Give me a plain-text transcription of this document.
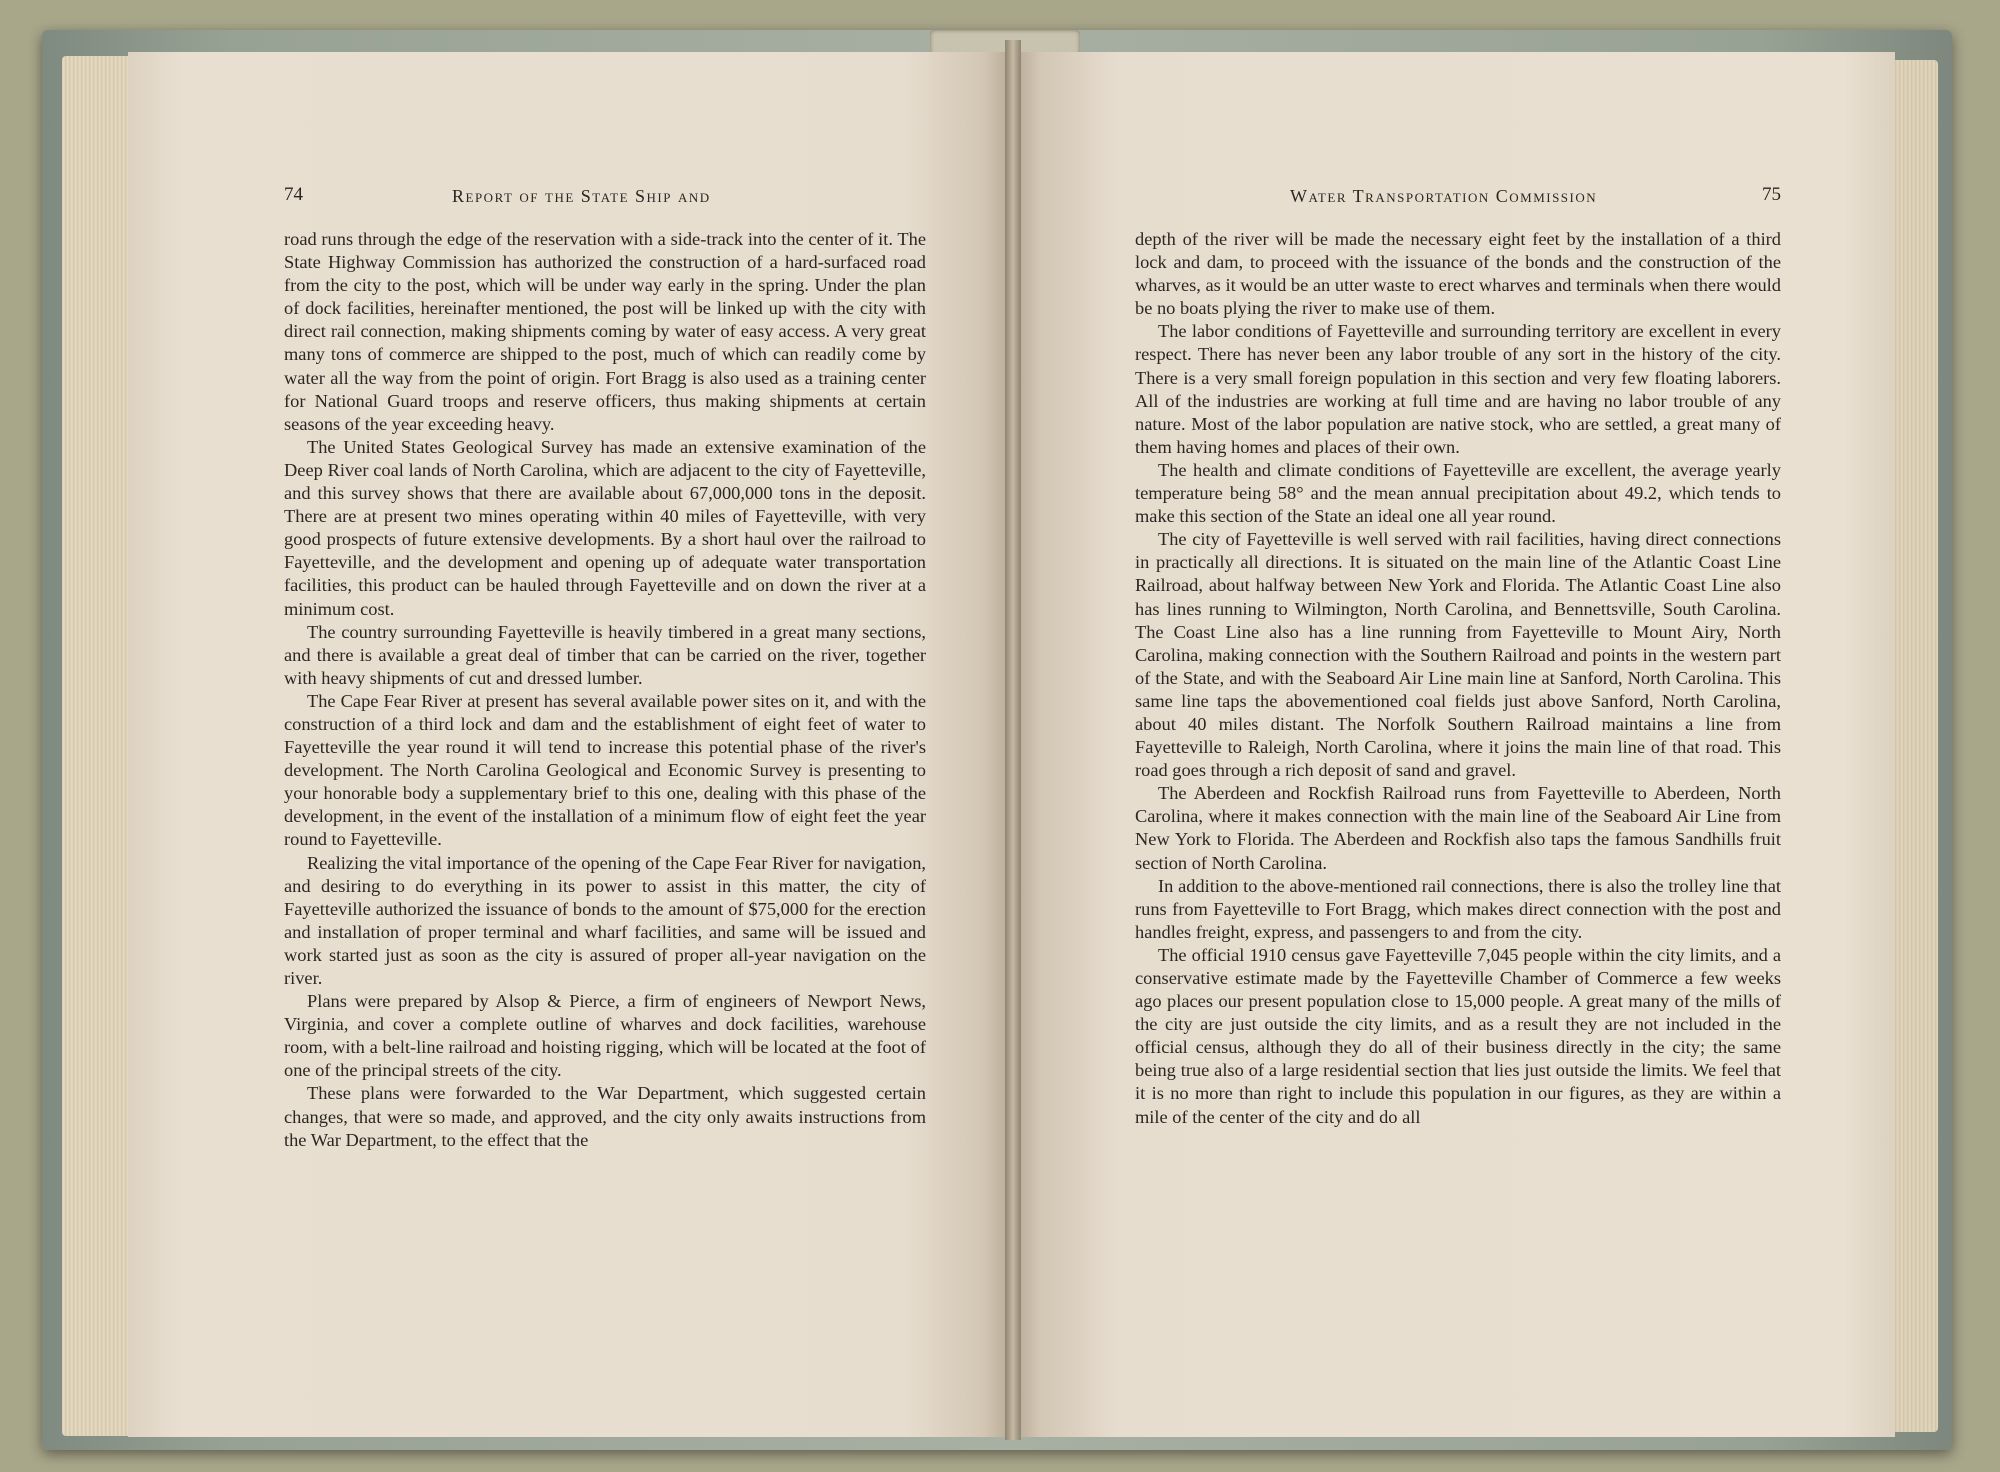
74	Report of the State Ship and	Water Transportation Commission	75

road runs through the edge of the reservation with a side-track into the center of it. The State Highway Commission has authorized the construction of a hard-surfaced road from the city to the post, which will be under way early in the spring. Under the plan of dock facilities, hereinafter mentioned, the post will be linked up with the city with direct rail connection, making shipments coming by water of easy access. A very great many tons of commerce are shipped to the post, much of which can readily come by water all the way from the point of origin. Fort Bragg is also used as a training center for National Guard troops and reserve officers, thus making shipments at certain seasons of the year exceeding heavy.

The United States Geological Survey has made an extensive examination of the Deep River coal lands of North Carolina, which are adjacent to the city of Fayetteville, and this survey shows that there are available about 67,000,000 tons in the deposit. There are at present two mines operating within 40 miles of Fayetteville, with very good prospects of future extensive developments. By a short haul over the railroad to Fayetteville, and the development and opening up of adequate water transportation facilities, this product can be hauled through Fayetteville and on down the river at a minimum cost.

The country surrounding Fayetteville is heavily timbered in a great many sections, and there is available a great deal of timber that can be carried on the river, together with heavy shipments of cut and dressed lumber.

The Cape Fear River at present has several available power sites on it, and with the construction of a third lock and dam and the establishment of eight feet of water to Fayetteville the year round it will tend to increase this potential phase of the river's development. The North Carolina Geological and Economic Survey is presenting to your honorable body a supplementary brief to this one, dealing with this phase of the development, in the event of the installation of a minimum flow of eight feet the year round to Fayetteville.

Realizing the vital importance of the opening of the Cape Fear River for navigation, and desiring to do everything in its power to assist in this matter, the city of Fayetteville authorized the issuance of bonds to the amount of $75,000 for the erection and installation of proper terminal and wharf facilities, and same will be issued and work started just as soon as the city is assured of proper all-year navigation on the river.

Plans were prepared by Alsop & Pierce, a firm of engineers of Newport News, Virginia, and cover a complete outline of wharves and dock facilities, warehouse room, with a belt-line railroad and hoisting rigging, which will be located at the foot of one of the principal streets of the city.

These plans were forwarded to the War Department, which suggested certain changes, that were so made, and approved, and the city only awaits instructions from the War Department, to the effect that the

depth of the river will be made the necessary eight feet by the installation of a third lock and dam, to proceed with the issuance of the bonds and the construction of the wharves, as it would be an utter waste to erect wharves and terminals when there would be no boats plying the river to make use of them.

The labor conditions of Fayetteville and surrounding territory are excellent in every respect. There has never been any labor trouble of any sort in the history of the city. There is a very small foreign population in this section and very few floating laborers. All of the industries are working at full time and are having no labor trouble of any nature. Most of the labor population are native stock, who are settled, a great many of them having homes and places of their own.

The health and climate conditions of Fayetteville are excellent, the average yearly temperature being 58° and the mean annual precipitation about 49.2, which tends to make this section of the State an ideal one all year round.

The city of Fayetteville is well served with rail facilities, having direct connections in practically all directions. It is situated on the main line of the Atlantic Coast Line Railroad, about halfway between New York and Florida. The Atlantic Coast Line also has lines running to Wilmington, North Carolina, and Bennettsville, South Carolina. The Coast Line also has a line running from Fayetteville to Mount Airy, North Carolina, making connection with the Southern Railroad and points in the western part of the State, and with the Seaboard Air Line main line at Sanford, North Carolina. This same line taps the abovementioned coal fields just above Sanford, North Carolina, about 40 miles distant. The Norfolk Southern Railroad maintains a line from Fayetteville to Raleigh, North Carolina, where it joins the main line of that road. This road goes through a rich deposit of sand and gravel.

The Aberdeen and Rockfish Railroad runs from Fayetteville to Aberdeen, North Carolina, where it makes connection with the main line of the Seaboard Air Line from New York to Florida. The Aberdeen and Rockfish also taps the famous Sandhills fruit section of North Carolina.

In addition to the above-mentioned rail connections, there is also the trolley line that runs from Fayetteville to Fort Bragg, which makes direct connection with the post and handles freight, express, and passengers to and from the city.

The official 1910 census gave Fayetteville 7,045 people within the city limits, and a conservative estimate made by the Fayetteville Chamber of Commerce a few weeks ago places our present population close to 15,000 people. A great many of the mills of the city are just outside the city limits, and as a result they are not included in the official census, although they do all of their business directly in the city; the same being true also of a large residential section that lies just outside the limits. We feel that it is no more than right to include this population in our figures, as they are within a mile of the center of the city and do all
